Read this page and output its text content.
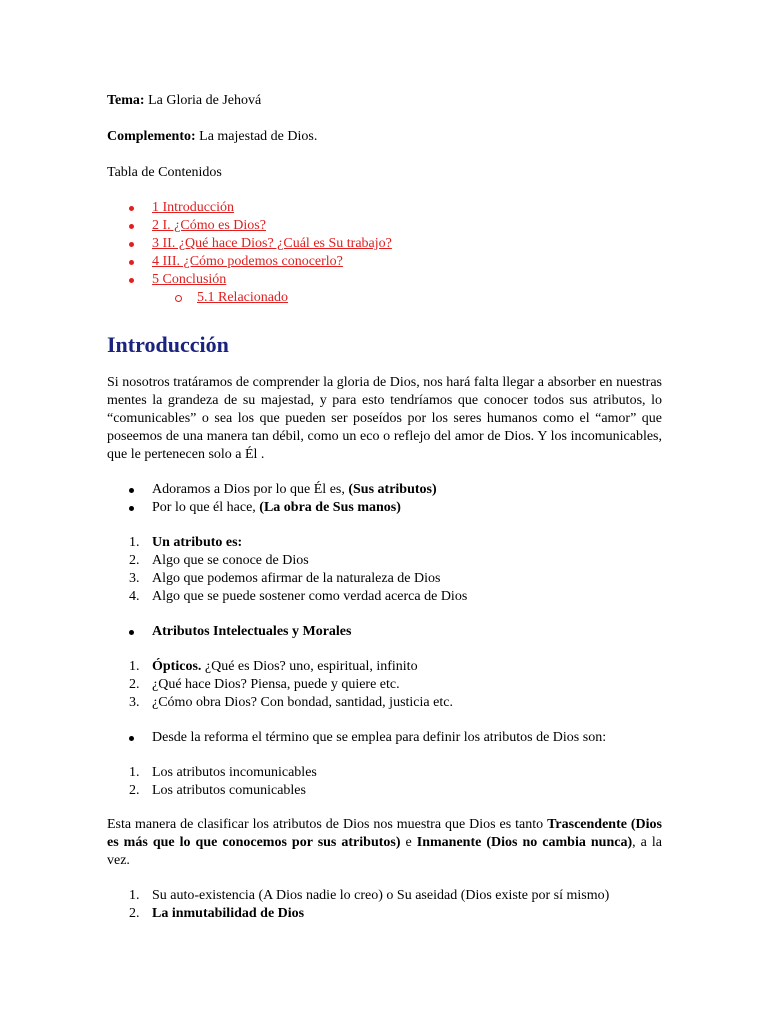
Tema: La Gloria de Jehová

Complemento: La majestad de Dios.

Tabla de Contenidos

1 Introducción
2 I. ¿Cómo es Dios?
3 II. ¿Qué hace Dios? ¿Cuál es Su trabajo?
4 III. ¿Cómo podemos conocerlo?
5 Conclusión
5.1 Relacionado
Introducción

Si nosotros tratáramos de comprender la gloria de Dios, nos hará falta llegar a absorber en nuestras mentes la grandeza de su majestad, y para esto tendríamos que conocer todos sus atributos, lo “comunicables” o sea los que pueden ser poseídos por los seres humanos como el “amor” que poseemos de una manera tan débil, como un eco o reflejo del amor de Dios. Y los incomunicables, que le pertenecen solo a Él .

Adoramos a Dios por lo que Él es, (Sus atributos)
Por lo que él hace, (La obra de Sus manos)
1. Un atributo es:
2. Algo que se conoce de Dios
3. Algo que podemos afirmar de la naturaleza de Dios
4. Algo que se puede sostener como verdad acerca de Dios
Atributos Intelectuales y Morales
1. Ópticos. ¿Qué es Dios? uno, espiritual, infinito
2. ¿Qué hace Dios? Piensa, puede y quiere etc.
3. ¿Cómo obra Dios? Con bondad, santidad, justicia etc.
Desde la reforma el término que se emplea para definir los atributos de Dios son:
1. Los atributos incomunicables
2. Los atributos comunicables

Esta manera de clasificar los atributos de Dios nos muestra que Dios es tanto Trascendente (Dios es más que lo que conocemos por sus atributos) e Inmanente (Dios no cambia nunca), a la vez.

1. Su auto-existencia (A Dios nadie lo creo) o Su aseidad (Dios existe por sí mismo)
2. La inmutabilidad de Dios
